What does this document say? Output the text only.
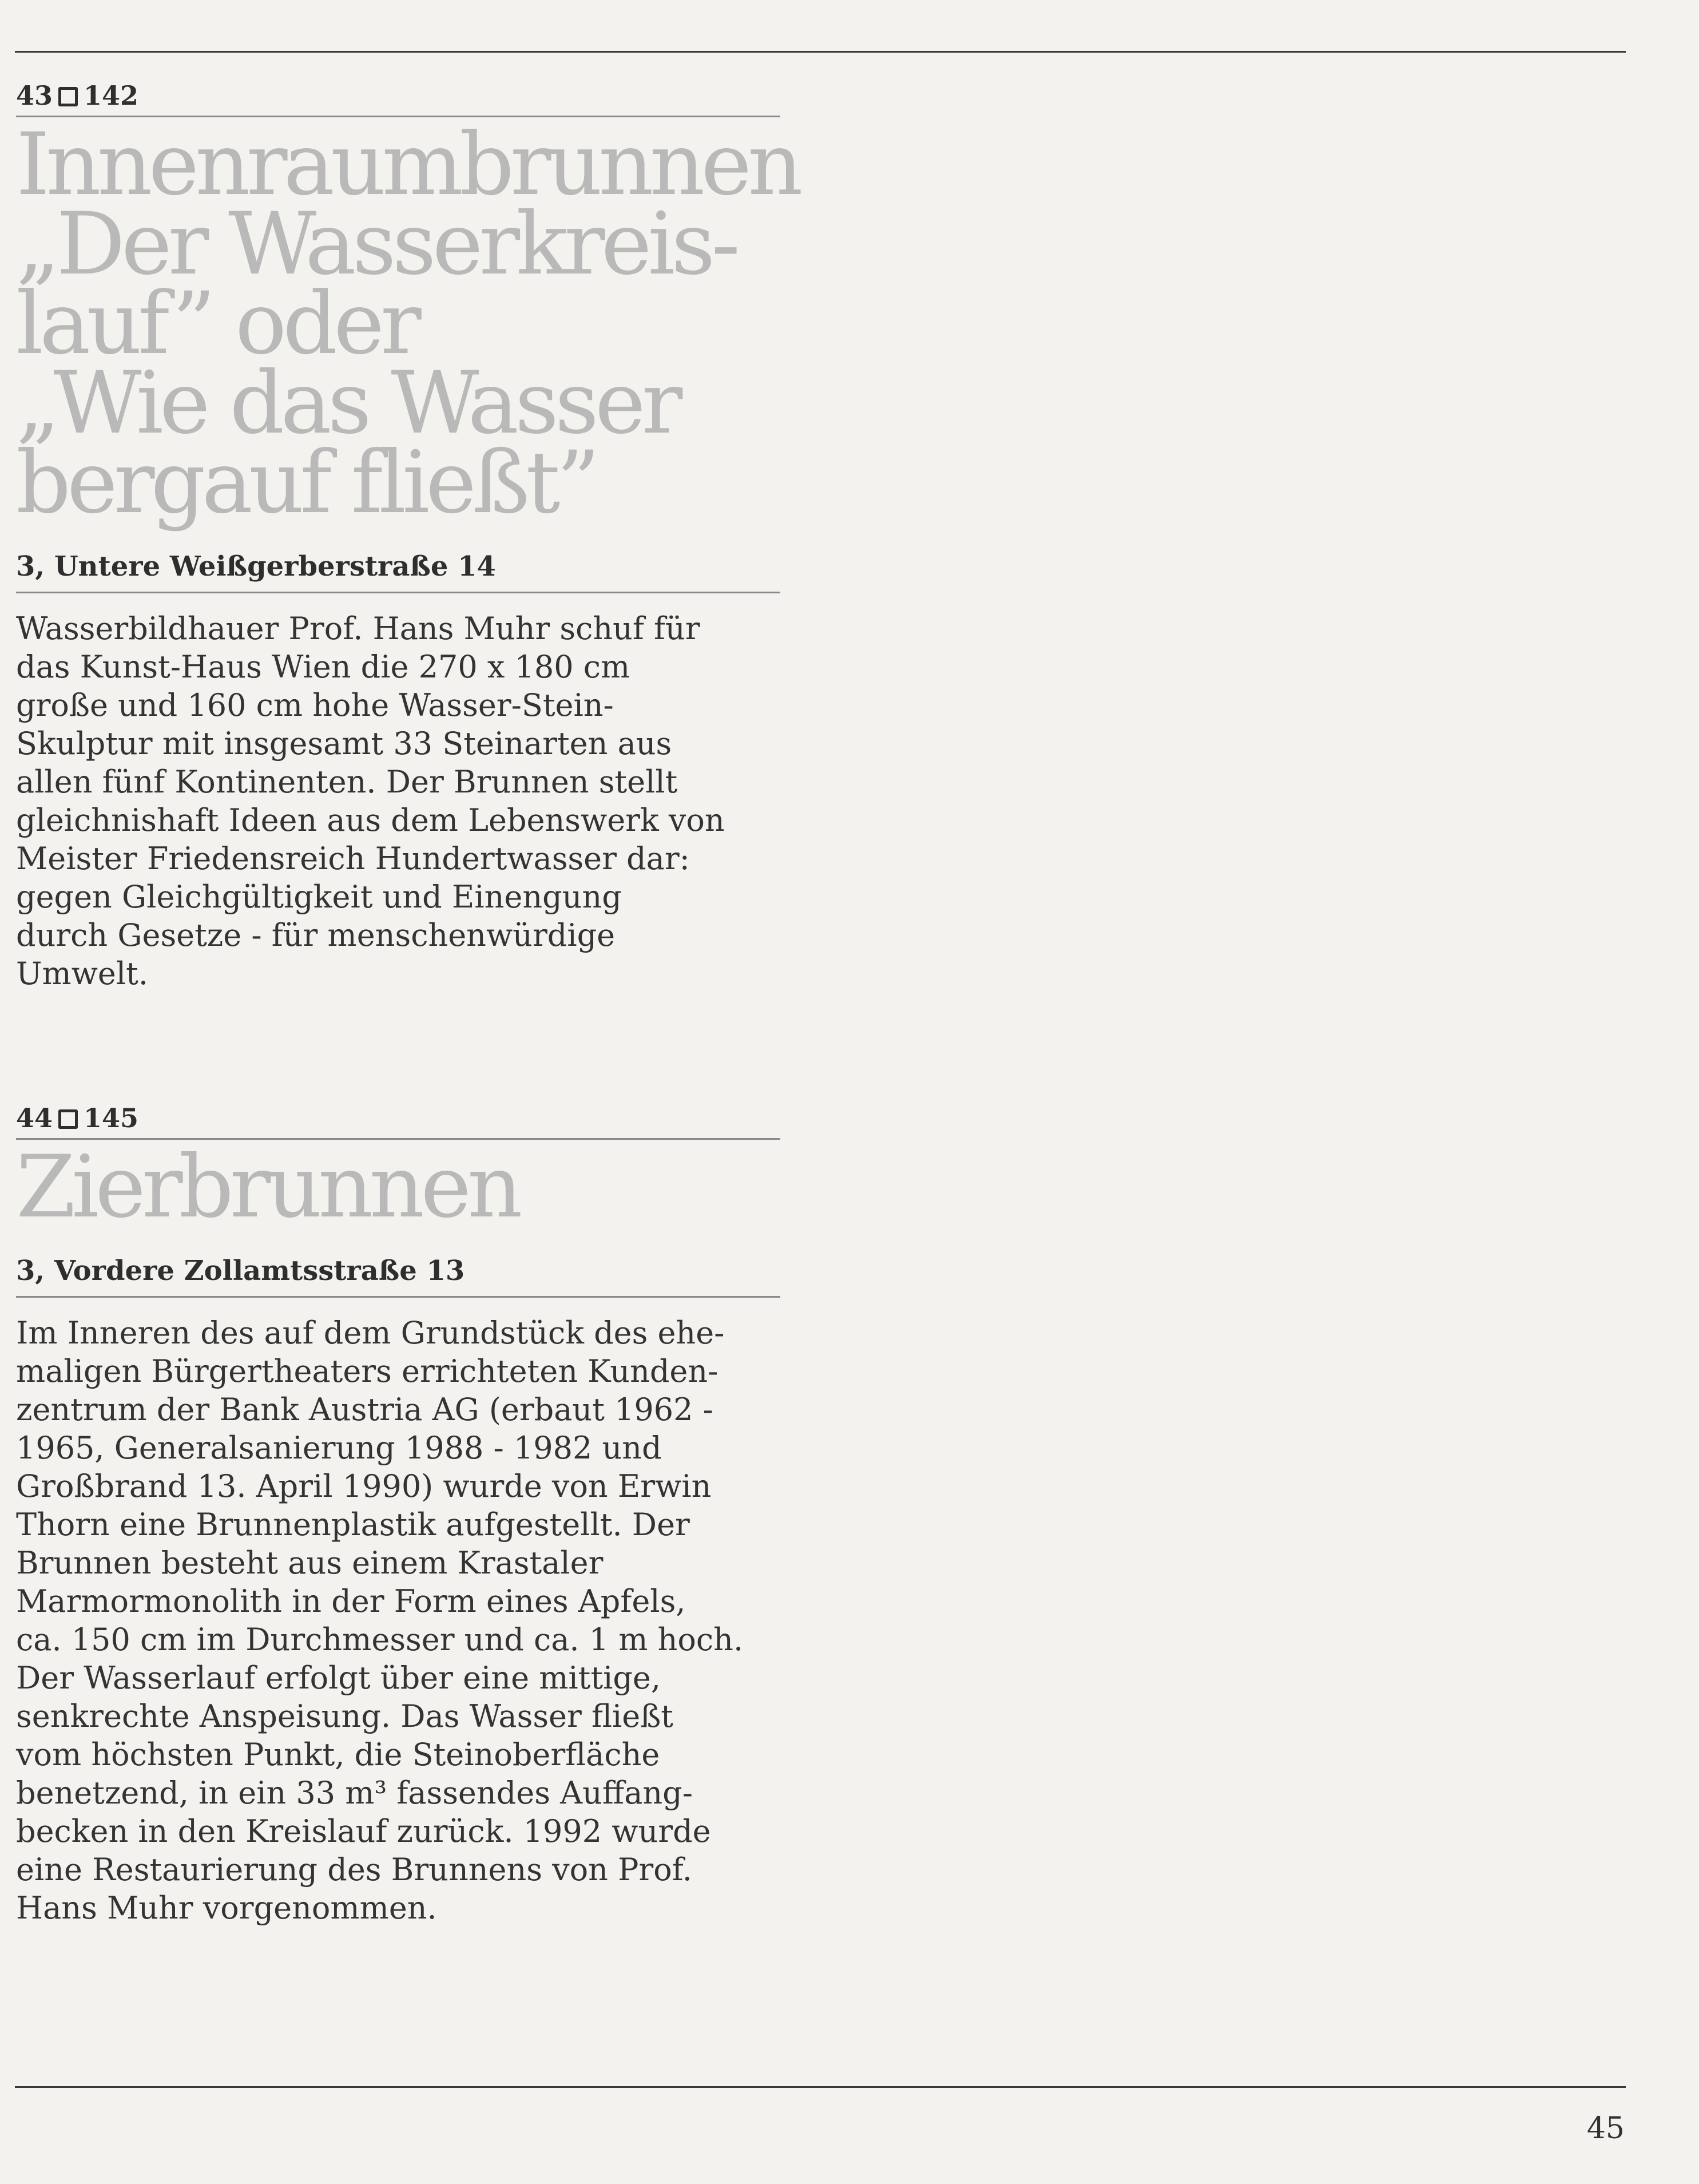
43 142
Innenraumbrunnen
„Der Wasserkreis-
lauf” oder
„Wie das Wasser
bergauf fließt”
3, Untere Weißgerberstraße 14
Wasserbildhauer Prof. Hans Muhr schuf für
das Kunst-Haus Wien die 270 x 180 cm
große und 160 cm hohe Wasser-Stein-
Skulptur mit insgesamt 33 Steinarten aus
allen fünf Kontinenten. Der Brunnen stellt
gleichnishaft Ideen aus dem Lebenswerk von
Meister Friedensreich Hundertwasser dar:
gegen Gleichgültigkeit und Einengung
durch Gesetze - für menschenwürdige
Umwelt.
44 145
Zierbrunnen
3, Vordere Zollamtsstraße 13
Im Inneren des auf dem Grundstück des ehe-
maligen Bürgertheaters errichteten Kunden-
zentrum der Bank Austria AG (erbaut 1962 -
1965, Generalsanierung 1988 - 1982 und
Großbrand 13. April 1990) wurde von Erwin
Thorn eine Brunnenplastik aufgestellt. Der
Brunnen besteht aus einem Krastaler
Marmormonolith in der Form eines Apfels,
ca. 150 cm im Durchmesser und ca. 1 m hoch.
Der Wasserlauf erfolgt über eine mittige,
senkrechte Anspeisung. Das Wasser fließt
vom höchsten Punkt, die Steinoberfläche
benetzend, in ein 33 m³ fassendes Auffang-
becken in den Kreislauf zurück. 1992 wurde
eine Restaurierung des Brunnens von Prof.
Hans Muhr vorgenommen.
45
